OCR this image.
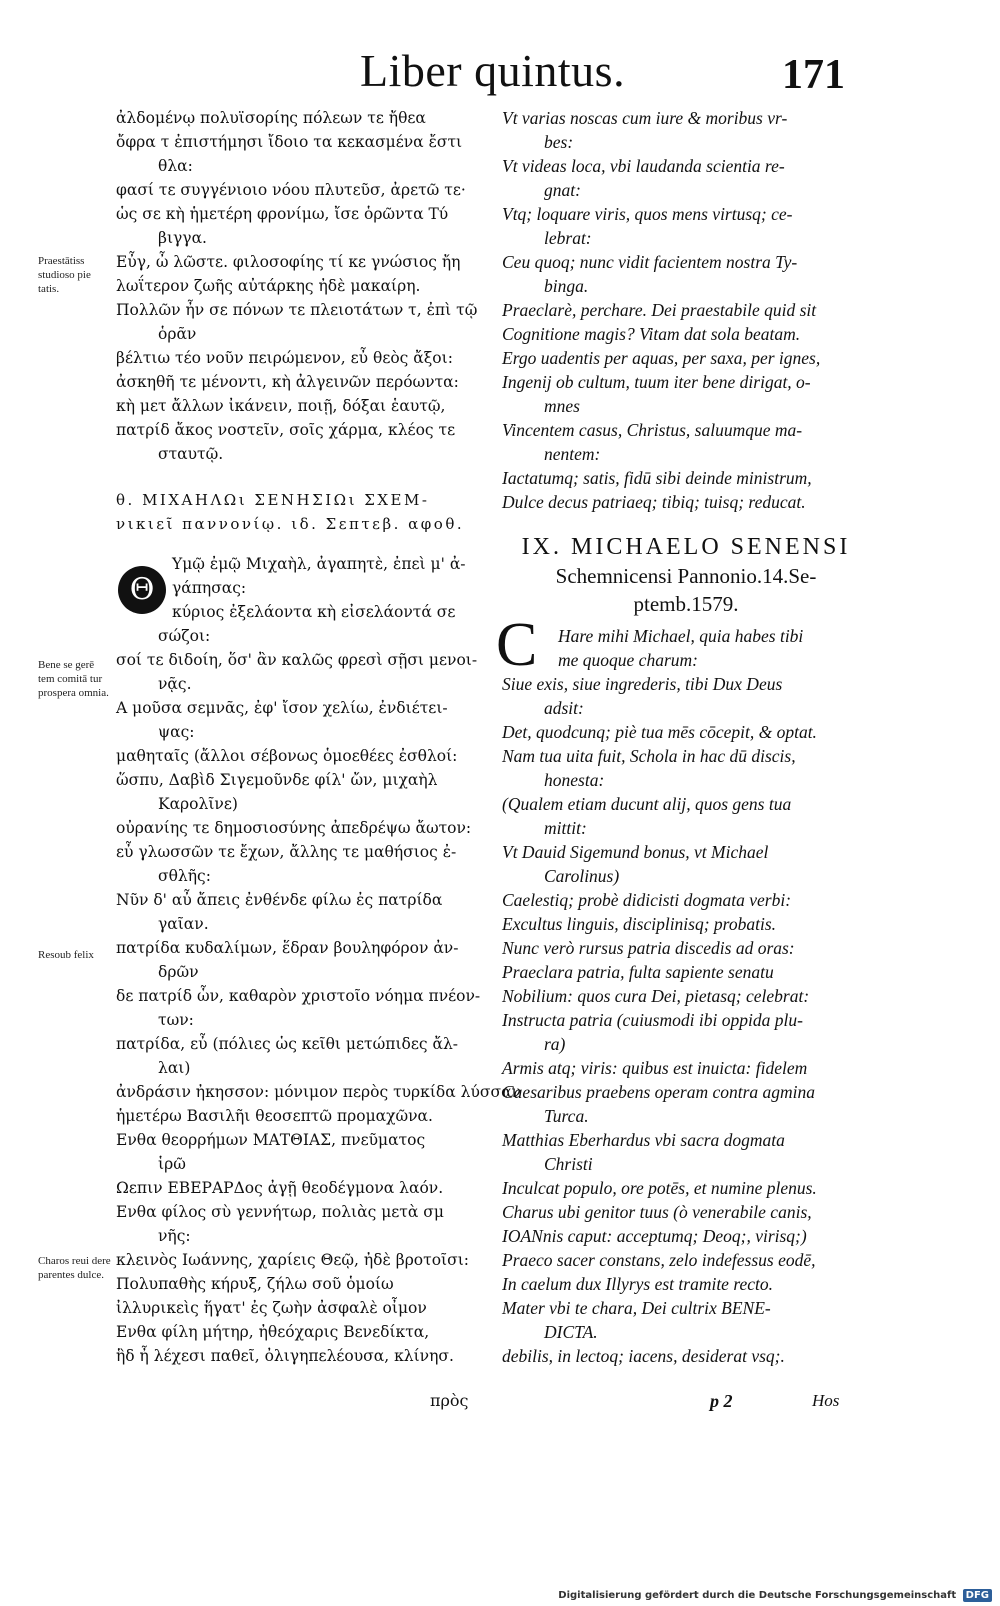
Liber quintus.	171
Praestātiss studioso pie tatis.
Bene se gerē tem comitā tur prospera omnia.
Resoub felix
Charos reui dere parentes dulce.
ἀλδομένῳ πολυϊσορίης πόλεων τε ἤθεα
ὄφρα τ ἐπιστήμησι ἴδοιο τα κεκασμένα ἔστι
θλα:
φασί τε συγγένιοιο νόου πλυτεῦσ, ἀρετῶ τε·
ὡς σε κὴ ἡμετέρη φρονίμω, ἴσε ὁρῶντα Τύ
βιγγα.
Εὖγ, ὦ λῶστε. φιλοσοφίης τί κε γνώσιος ἤη
λωΐτερον ζωῆς αὐτάρκης ἠδὲ μακαίρη.
Πολλῶν ἦν σε πόνων τε πλειοτάτων τ, ἐπὶ τῷ
ὁρᾶν
βέλτιω τέο νοῦν πειρώμενον, εὖ θεὸς ἄξοι:
ἀσκηθῆ τε μένοντι, κὴ ἀλγεινῶν περόωντα:
κὴ μετ ἄλλων ἰκάνειν, ποιῇ, δόξαι ἑαυτῷ,
πατρίδ ἄκος νοστεῖν, σοῖς χάρμα, κλέος τε
σταυτῷ.
θ. ΜΙΧΑΗΛΩι ΣΕΝΗΣΙΩι ΣΧΕΜ-
νικιεῖ παννονίῳ. ιδ. Σεπτεβ. αφοθ.
Υμῷ ἐμῷ Μιχαὴλ, ἀγαπητὲ, ἐπεὶ μ' ἀ-
γάπησας:
κύριος ἐξελάοντα κὴ εἰσελάοντά σε
σώζοι:
σοί τε διδοίη, ὅσ' ἂν καλῶς φρεσὶ σῇσι μενοι-
νᾷς.
Α μοῦσα σεμνᾶς, ἐφ' ἴσον χελίω, ἐνδιέτει-
ψας:
μαθηταῖς (ἄλλοι σέβονως ὁμοεθέες ἐσθλοί:
ὥσπυ, Δαβὶδ Σιγεμοῦνδε φίλ' ὤν, μιχαὴλ
Καρολῖνε)
οὐρανίης τε δημοσιοσύνης ἀπεδρέψω ἄωτον:
εὖ γλωσσῶν τε ἔχων, ἄλλης τε μαθήσιος ἐ-
σθλῆς:
Νῦν δ' αὖ ἄπεις ἐνθένδε φίλω ἐς πατρίδα
γαῖαν.
πατρίδα κυδαλίμων, ἕδραν βουληφόρον ἀν-
δρῶν
δε πατρίδ ὧν, καθαρὸν χριστοῖο νόημα πνέον-
των:
πατρίδα, εὖ (πόλιες ὡς κεῖθι μετώπιδες ἄλ-
λαι)
ἀνδράσιν ἠκησσον: μόνιμον περὸς τυρκίδα λύσσαν
ἡμετέρω Βασιλῆι θεοσεπτῶ προμαχῶνα.
Ενθα θεορρήμων ΜΑΤΘΙΑΣ, πνεῦματος
ἱρῶ
Ωεπιν ΕΒΕΡΑΡΔος ἀγῇ θεοδέγμονα λαόν.
Ενθα φίλος σὺ γεννήτωρ, πολιὰς μετὰ σμ
νῆς:
κλεινὸς Ιωάννης, χαρίεις Θεῷ, ἠδὲ βροτοῖσι:
Πολυπαθὴς κήρυξ, ζήλω σοῦ ὁμοίω
ἰλλυρικεὶς ἥγατ' ἐς ζωὴν ἀσφαλὲ οἶμον
Ενθα φίλη μήτηρ, ἠθεόχαρις Βενεδίκτα,
ἣδ ἦ λέχεσι παθεῖ, ὀλιγηπελέουσα, κλίνησ.
Θ
πρὸς
Vt varias noscas cum iure & moribus vr-
bes:
Vt videas loca, vbi laudanda scientia re-
gnat:
Vtq; loquare viris, quos mens virtusq; ce-
lebrat:
Ceu quoq; nunc vidit facientem nostra Ty-
binga.
Praeclarè, perchare. Dei praestabile quid sit
Cognitione magis? Vitam dat sola beatam.
Ergo uadentis per aquas, per saxa, per ignes,
Ingenij ob cultum, tuum iter bene dirigat, o-
mnes
Vincentem casus, Christus, saluumque ma-
nentem:
Iactatumq; satis, fidū sibi deinde ministrum,
Dulce decus patriaeq; tibiq; tuisq; reducat.
IX. MICHAELO SENENSI
Schemnicensi Pannonio.14.Se-
ptemb.1579.
Hare mihi Michael, quia habes tibi
me quoque charum:
Siue exis, siue ingrederis, tibi Dux Deus
adsit:
Det, quodcunq; piè tua mēs cōcepit, & optat.
Nam tua uita fuit, Schola in hac dū discis,
honesta:
(Qualem etiam ducunt alij, quos gens tua
mittit:
Vt Dauid Sigemund bonus, vt Michael
Carolinus)
Caelestiq; probè didicisti dogmata verbi:
Excultus linguis, disciplinisq; probatis.
Nunc verò rursus patria discedis ad oras:
Praeclara patria, fulta sapiente senatu
Nobilium: quos cura Dei, pietasq; celebrat:
Instructa patria (cuiusmodi ibi oppida plu-
ra)
Armis atq; viris: quibus est inuicta: fidelem
Caesaribus praebens operam contra agmina
Turca.
Matthias Eberhardus vbi sacra dogmata
Christi
Inculcat populo, ore potēs, et numine plenus.
Charus ubi genitor tuus (ò venerabile canis,
IOANnis caput: acceptumq; Deoq;, virisq;)
Praeco sacer constans, zelo indefessus eodē,
In caelum dux Illyrys est tramite recto.
Mater vbi te chara, Dei cultrix BENE-
DICTA.
debilis, in lectoq; iacens, desiderat vsq;.
C
p 2	Hos
Digitalisierung gefördert durch die Deutsche Forschungsgemeinschaft DFG
